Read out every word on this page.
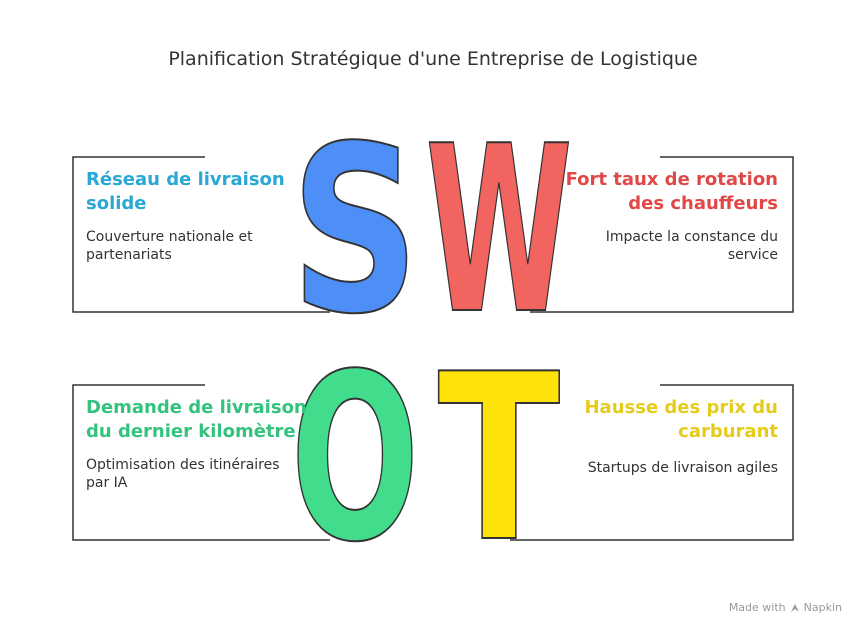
Planification Stratégique d'une Entreprise de Logistique
S W
O T
Réseau de livraison
solide
Couverture nationale et
partenariats
Fort taux de rotation
des chauffeurs
Impacte la constance du
service
Demande de livraison
du dernier kilomètre
Optimisation des itinéraires
par IA
Hausse des prix du
carburant
Startups de livraison agiles
Made with Napkin
